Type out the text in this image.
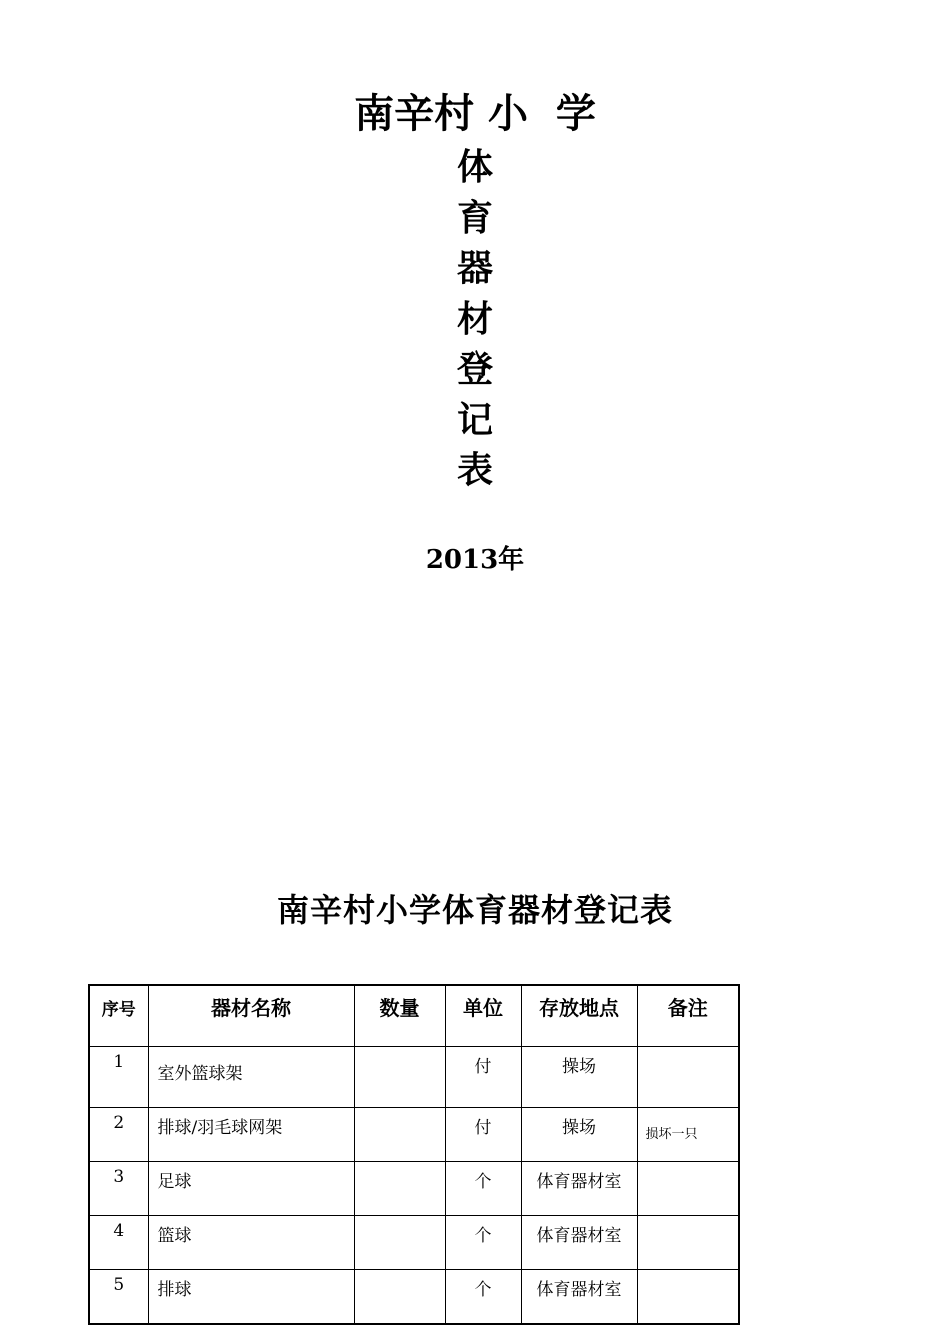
南辛村 小  学
体
育
器
材
登
记
表
2013年
南辛村小学体育器材登记表
序号	器材名称	数量	单位	存放地点	备注
1	室外篮球架		付	操场	
2	排球/羽毛球网架		付	操场	损坏一只
3	足球		个	体育器材室	
4	篮球		个	体育器材室	
5	排球		个	体育器材室	
